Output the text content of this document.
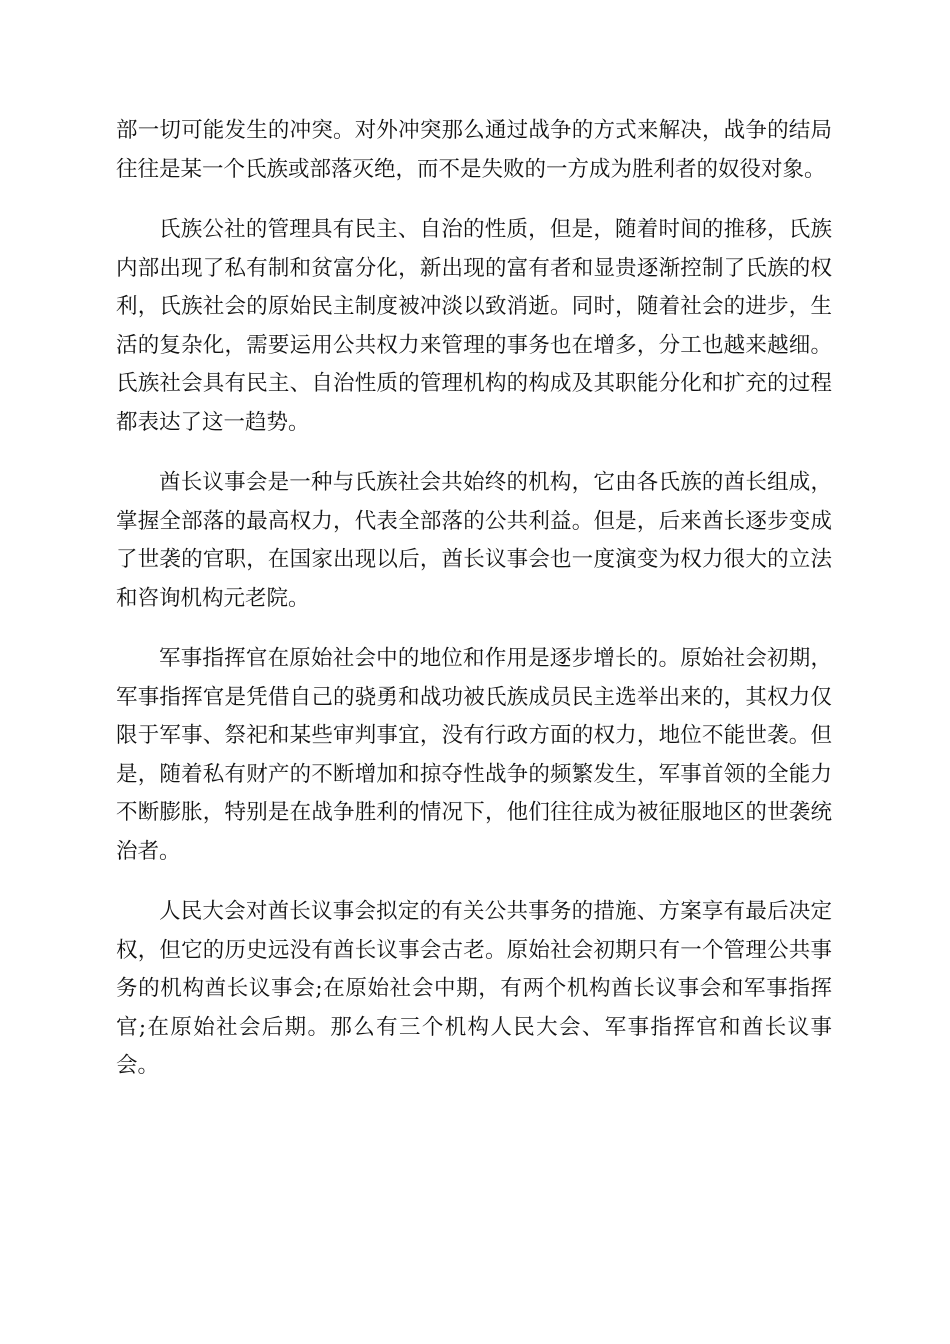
部一切可能发生的冲突。对外冲突那么通过战争的方式来解决，战争的结局往往是某一个氏族或部落灭绝，而不是失败的一方成为胜利者的奴役对象。

氏族公社的管理具有民主、自治的性质，但是，随着时间的推移，氏族内部出现了私有制和贫富分化，新出现的富有者和显贵逐渐控制了氏族的权利，氏族社会的原始民主制度被冲淡以致消逝。同时，随着社会的进步，生活的复杂化，需要运用公共权力来管理的事务也在增多，分工也越来越细。氏族社会具有民主、自治性质的管理机构的构成及其职能分化和扩充的过程都表达了这一趋势。

酋长议事会是一种与氏族社会共始终的机构，它由各氏族的酋长组成，掌握全部落的最高权力，代表全部落的公共利益。但是，后来酋长逐步变成了世袭的官职，在国家出现以后，酋长议事会也一度演变为权力很大的立法和咨询机构元老院。

军事指挥官在原始社会中的地位和作用是逐步增长的。原始社会初期，军事指挥官是凭借自己的骁勇和战功被氏族成员民主选举出来的，其权力仅限于军事、祭祀和某些审判事宜，没有行政方面的权力，地位不能世袭。但是，随着私有财产的不断增加和掠夺性战争的频繁发生，军事首领的全能力不断膨胀，特别是在战争胜利的情况下，他们往往成为被征服地区的世袭统治者。

人民大会对酋长议事会拟定的有关公共事务的措施、方案享有最后决定权，但它的历史远没有酋长议事会古老。原始社会初期只有一个管理公共事务的机构酋长议事会;在原始社会中期，有两个机构酋长议事会和军事指挥官;在原始社会后期。那么有三个机构人民大会、军事指挥官和酋长议事会。
